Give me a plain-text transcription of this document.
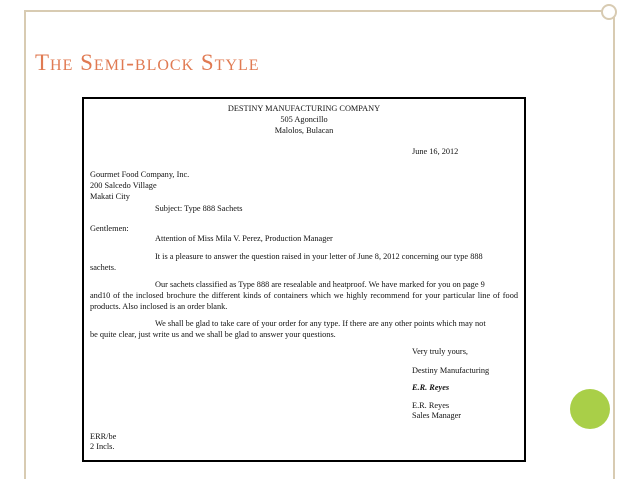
The Semi-block Style
DESTINY MANUFACTURING COMPANY
505 Agoncillo
Malolos, Bulacan
June 16, 2012
Gourmet Food Company, Inc.
200 Salcedo Village
Makati City
Subject: Type 888 Sachets
Gentlemen:
Attention of Miss Mila V. Perez, Production Manager
It is a pleasure to answer the question raised in your letter of June 8, 2012 concerning our type 888
sachets.
Our sachets classified as Type 888 are resealable and heatproof. We have marked for you on page 9
and10 of the inclosed brochure the different kinds of containers which we highly recommend for your particular line of food products. Also inclosed is an order blank.
We shall be glad to take care of your order for any type. If there are any other points which may not
be quite clear, just write us and we shall be glad to answer your questions.
Very truly yours,
Destiny Manufacturing
E.R. Reyes
E.R. Reyes
Sales Manager
ERR/be
2 Incls.
